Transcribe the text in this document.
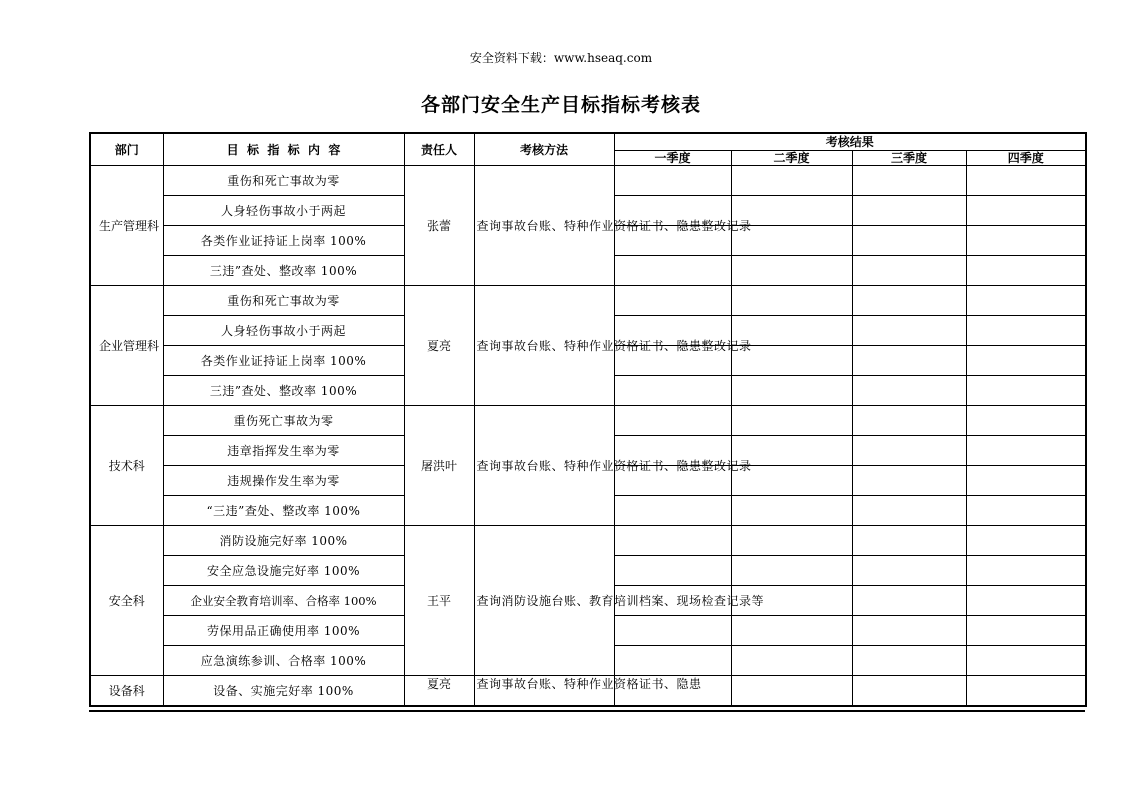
安全资料下载：www.hseaq.com
各部门安全生产目标指标考核表
部门	目  标  指  标  内  容	责任人	考核方法	考核结果			
				一季度	二季度	三季度	四季度
生产管理科	重伤和死亡事故为零	张蕾	查询事故台账、特种作业资格证书、隐患整改记录				
	人身轻伤事故小于两起						
	各类作业证持证上岗率 100%						
	三违”查处、整改率 100%						
企业管理科	重伤和死亡事故为零	夏亮	查询事故台账、特种作业资格证书、隐患整改记录				
	人身轻伤事故小于两起						
	各类作业证持证上岗率 100%						
	三违”查处、整改率 100%						
技术科	重伤死亡事故为零	屠洪叶	查询事故台账、特种作业资格证书、隐患整改记录				
	违章指挥发生率为零						
	违规操作发生率为零						
	“三违”查处、整改率 100%						
安全科	消防设施完好率 100%	王平	查询消防设施台账、教育培训档案、现场检查记录等				
	安全应急设施完好率 100%						
	企业安全教育培训率、合格率 100%						
	劳保用品正确使用率 100%						
	应急演练参训、合格率 100%						
设备科	设备、实施完好率 100%	夏亮	查询事故台账、特种作业资格证书、隐患				
